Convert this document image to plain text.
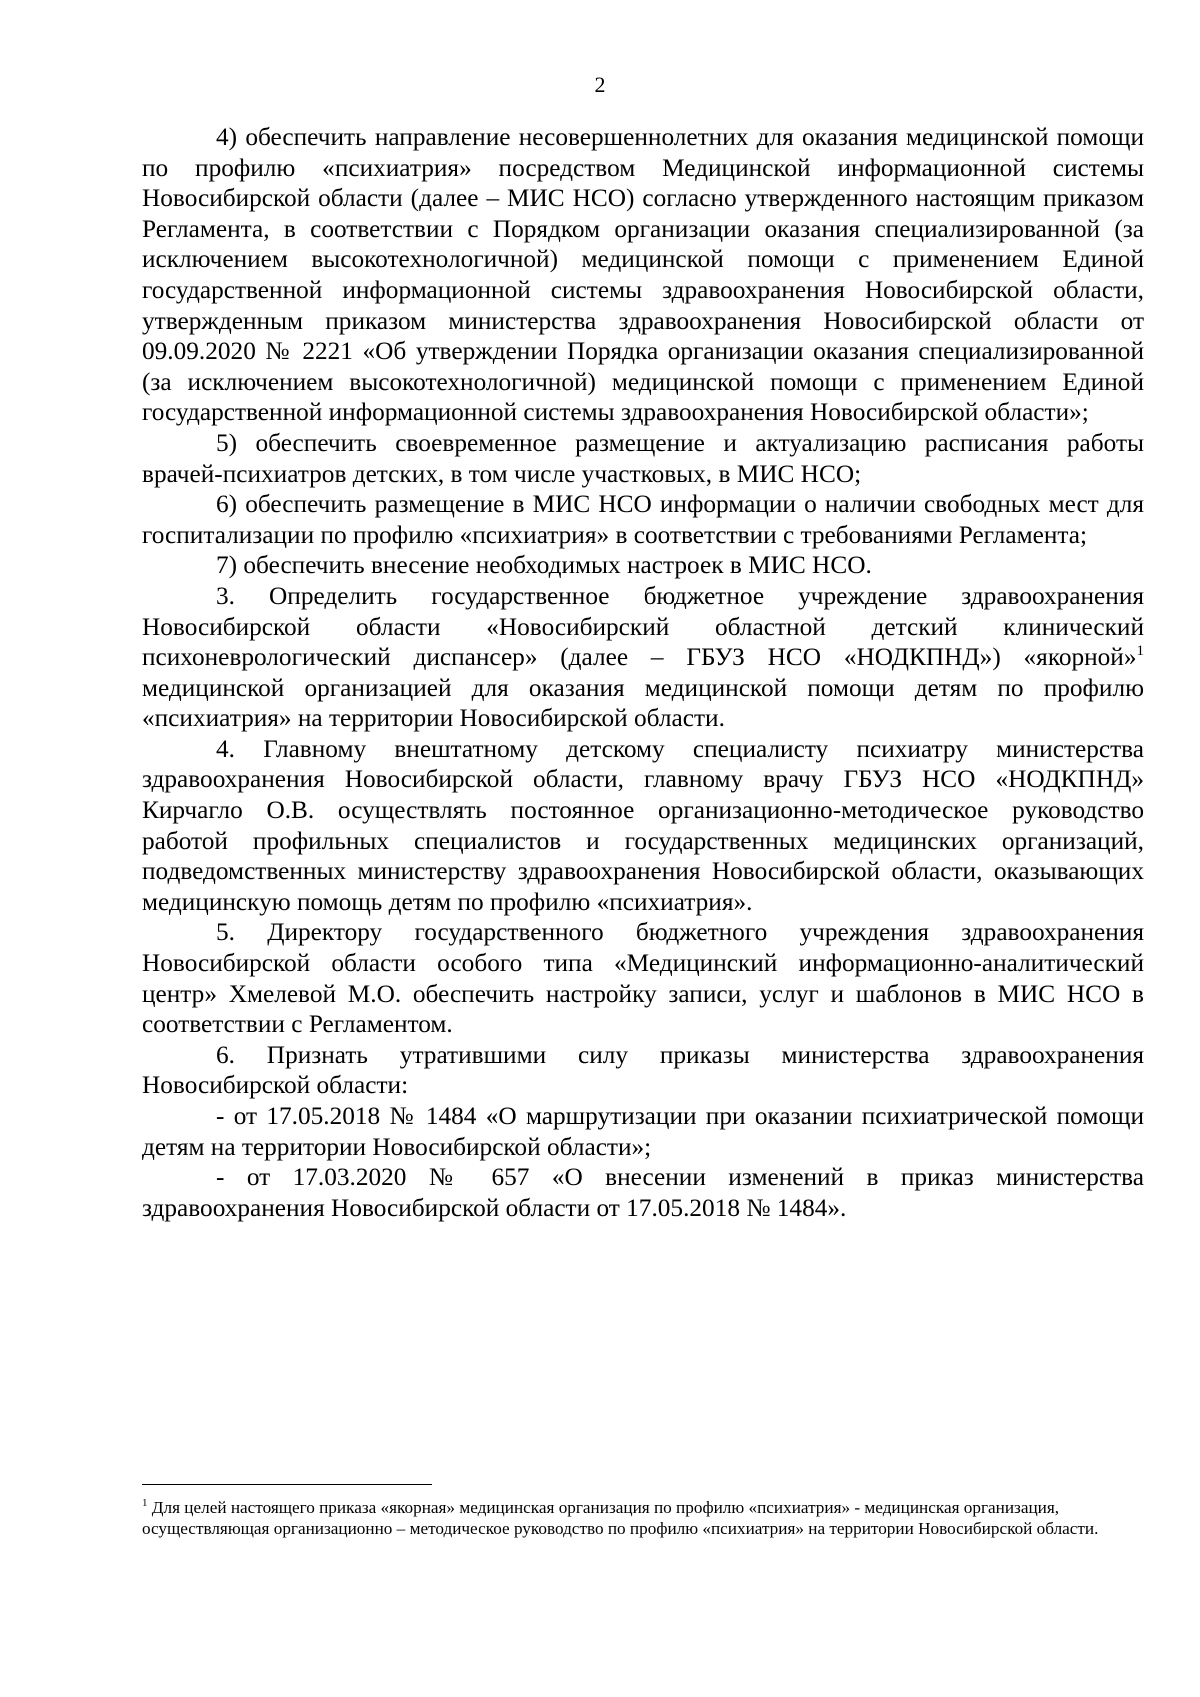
2

4) обеспечить направление несовершеннолетних для оказания медицинской помощи по профилю «психиатрия» посредством Медицинской информационной системы Новосибирской области (далее – МИС НСО) согласно утвержденного настоящим приказом Регламента, в соответствии с Порядком организации оказания специализированной (за исключением высокотехнологичной) медицинской помощи с применением Единой государственной информационной системы здравоохранения Новосибирской области, утвержденным приказом министерства здравоохранения Новосибирской области от 09.09.2020 № 2221 «Об утверждении Порядка организации оказания специализированной (за исключением высокотехнологичной) медицинской помощи с применением Единой государственной информационной системы здравоохранения Новосибирской области»;

5) обеспечить своевременное размещение и актуализацию расписания работы врачей-психиатров детских, в том числе участковых, в МИС НСО;

6) обеспечить размещение в МИС НСО информации о наличии свободных мест для госпитализации по профилю «психиатрия» в соответствии с требованиями Регламента;

7) обеспечить внесение необходимых настроек в МИС НСО.

3. Определить государственное бюджетное учреждение здравоохранения Новосибирской области «Новосибирский областной детский клинический психоневрологический диспансер» (далее – ГБУЗ НСО «НОДКПНД») «якорной»$^1$ медицинской организацией для оказания медицинской помощи детям по профилю «психиатрия» на территории Новосибирской области.

4. Главному внештатному детскому специалисту психиатру министерства здравоохранения Новосибирской области, главному врачу ГБУЗ НСО «НОДКПНД» Кирчагло О.В. осуществлять постоянное организационно-методическое руководство работой профильных специалистов и государственных медицинских организаций, подведомственных министерству здравоохранения Новосибирской области, оказывающих медицинскую помощь детям по профилю «психиатрия».

5. Директору государственного бюджетного учреждения здравоохранения Новосибирской области особого типа «Медицинский информационно-аналитический центр» Хмелевой М.О. обеспечить настройку записи, услуг и шаблонов в МИС НСО в соответствии с Регламентом.

6. Признать утратившими силу приказы министерства здравоохранения Новосибирской области:

- от 17.05.2018 № 1484 «О маршрутизации при оказании психиатрической помощи детям на территории Новосибирской области»;

- от 17.03.2020 № 657 «О внесении изменений в приказ министерства здравоохранения Новосибирской области от 17.05.2018 № 1484».

$^1$ Для целей настоящего приказа «якорная» медицинская организация по профилю «психиатрия» - медицинская организация, осуществляющая организационно – методическое руководство по профилю «психиатрия» на территории Новосибирской области.
